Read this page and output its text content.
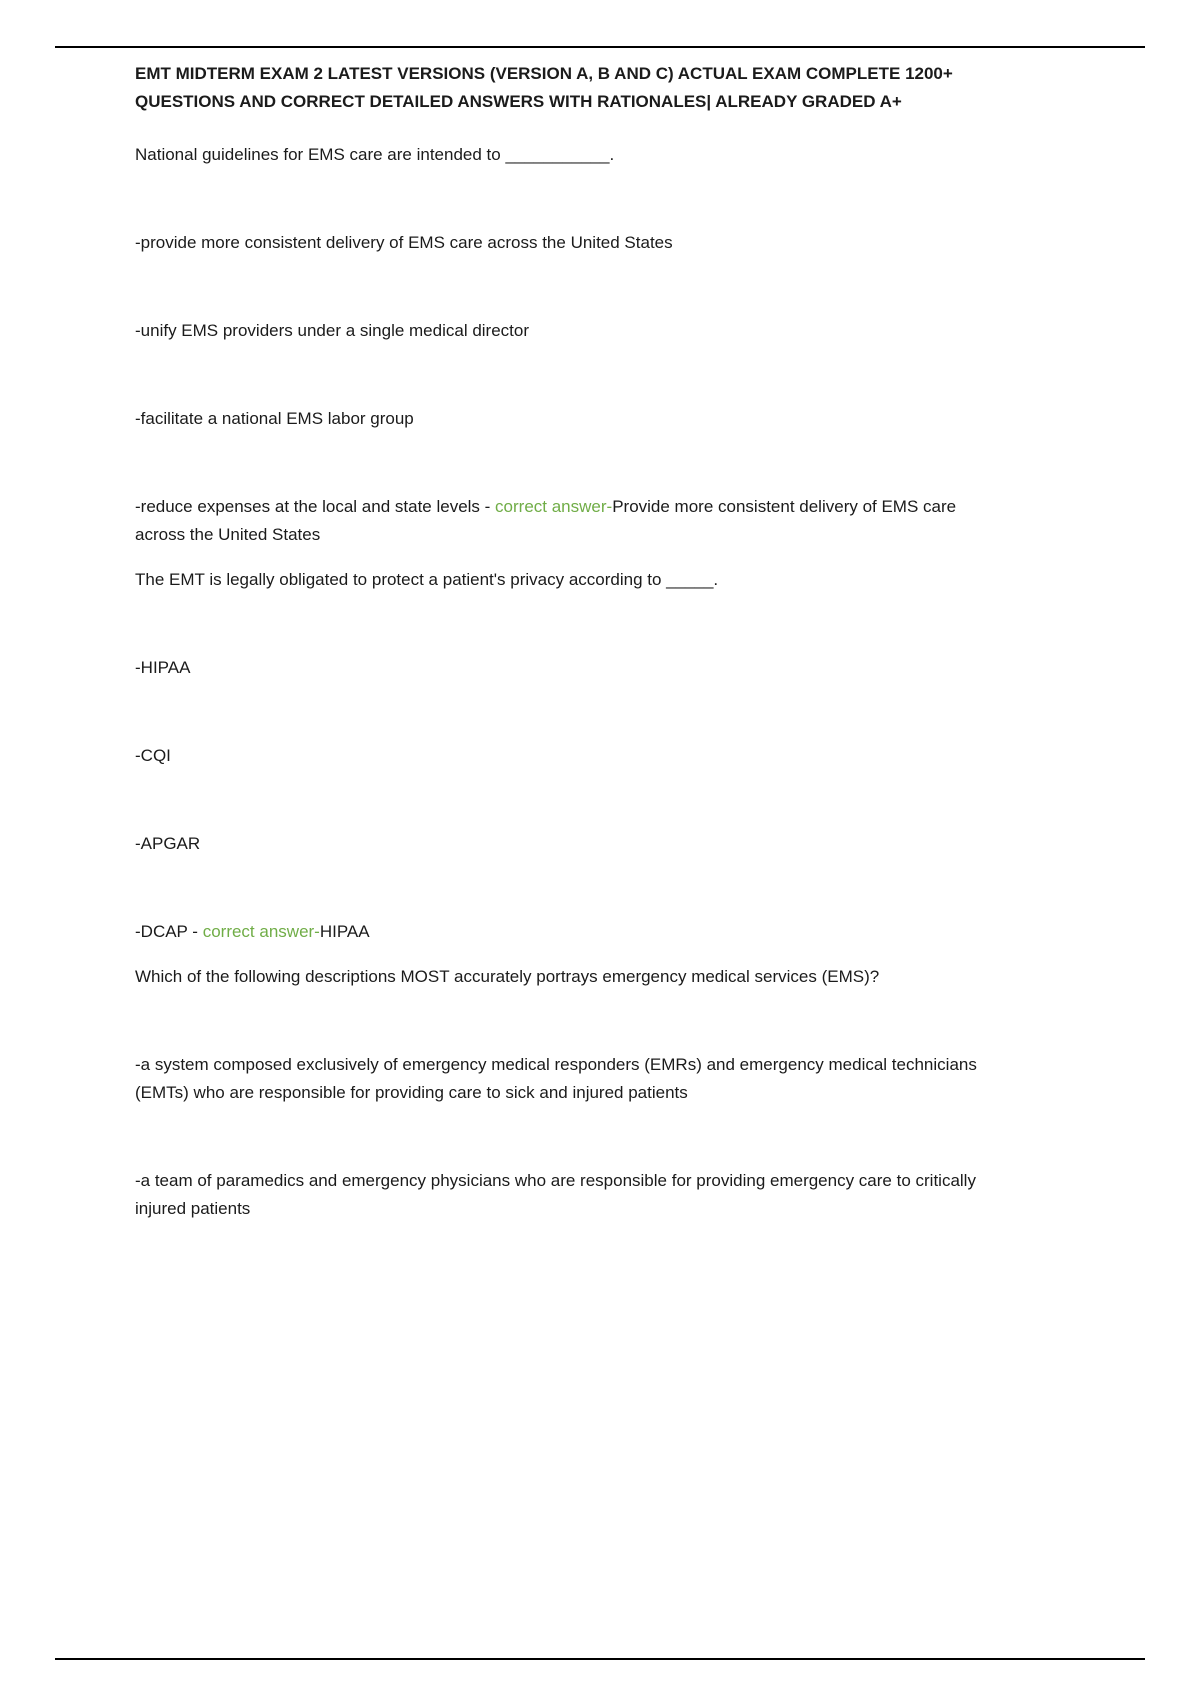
EMT MIDTERM EXAM 2 LATEST VERSIONS (VERSION A, B AND C) ACTUAL EXAM COMPLETE 1200+ QUESTIONS AND CORRECT DETAILED ANSWERS WITH RATIONALES| ALREADY GRADED A+

National guidelines for EMS care are intended to ___________.

-provide more consistent delivery of EMS care across the United States

-unify EMS providers under a single medical director

-facilitate a national EMS labor group

-reduce expenses at the local and state levels - correct answer-Provide more consistent delivery of EMS care across the United States

The EMT is legally obligated to protect a patient's privacy according to _____.

-HIPAA

-CQI

-APGAR

-DCAP - correct answer-HIPAA

Which of the following descriptions MOST accurately portrays emergency medical services (EMS)?

-a system composed exclusively of emergency medical responders (EMRs) and emergency medical technicians (EMTs) who are responsible for providing care to sick and injured patients

-a team of paramedics and emergency physicians who are responsible for providing emergency care to critically injured patients
